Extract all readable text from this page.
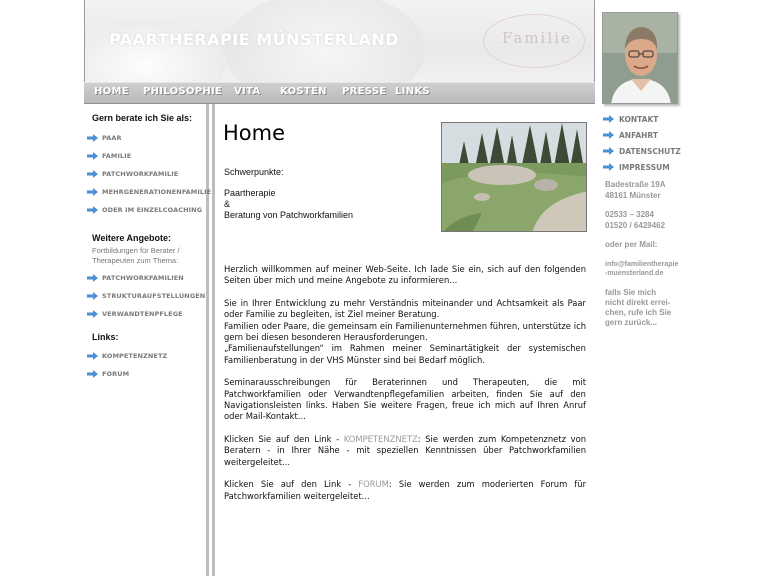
PAARTHERAPIE MÜNSTERLAND	Familie
HOME PHILOSOPHIE VITA KOSTEN PRESSE LINKS
Gern berate ich Sie als:
PAAR
FAMILIE
PATCHWORKFAMILIE
MEHRGENERATIONENFAMILIE
ODER IM EINZELCOACHING
Weitere Angebote:
Fortbildungen für Berater / Therapeuten zum Thema:
PATCHWORKFAMILIEN
STRUKTURAUFSTELLUNGEN
VERWANDTENPFLEGE
Links:
KOMPETENZNETZ
FORUM
Home
Schwerpunkte:
Paartherapie
&
Beratung von Patchworkfamilien

Herzlich willkommen auf meiner Web-Seite. Ich lade Sie ein, sich auf den folgenden Seiten über mich und meine Angebote zu informieren...

Sie in Ihrer Entwicklung zu mehr Verständnis miteinander und Achtsamkeit als Paar oder Familie zu begleiten, ist Ziel meiner Beratung.
Familien oder Paare, die gemeinsam ein Familienunternehmen führen, unterstütze ich gern bei diesen besonderen Herausforderungen.
„Familienaufstellungen“ im Rahmen meiner Seminartätigkeit der systemischen Familienberatung in der VHS Münster sind bei Bedarf möglich.

Seminarausschreibungen für Beraterinnen und Therapeuten, die mit Patchworkfamilien oder Verwandtenpflegefamilien arbeiten, finden Sie auf den Navigationsleisten links. Haben Sie weitere Fragen, freue ich mich auf Ihren Anruf oder Mail-Kontakt...

Klicken Sie auf den Link - KOMPETENZNETZ: Sie werden zum Kompetenznetz von Beratern - in Ihrer Nähe - mit speziellen Kenntnissen über Patchworkfamilien weitergeleitet...

Klicken Sie auf den Link - FORUM: Sie werden zum moderierten Forum für Patchworkfamilien weitergeleitet...

KONTAKT
ANFAHRT
DATENSCHUTZ
IMPRESSUM
Badestraße 19A
48161 Münster
02533 – 3284
01520 / 6429462
oder per Mail:
info@familientherapie
-muensterland.de
falls Sie mich
nicht direkt errei-
chen, rufe ich Sie
gern zurück...
